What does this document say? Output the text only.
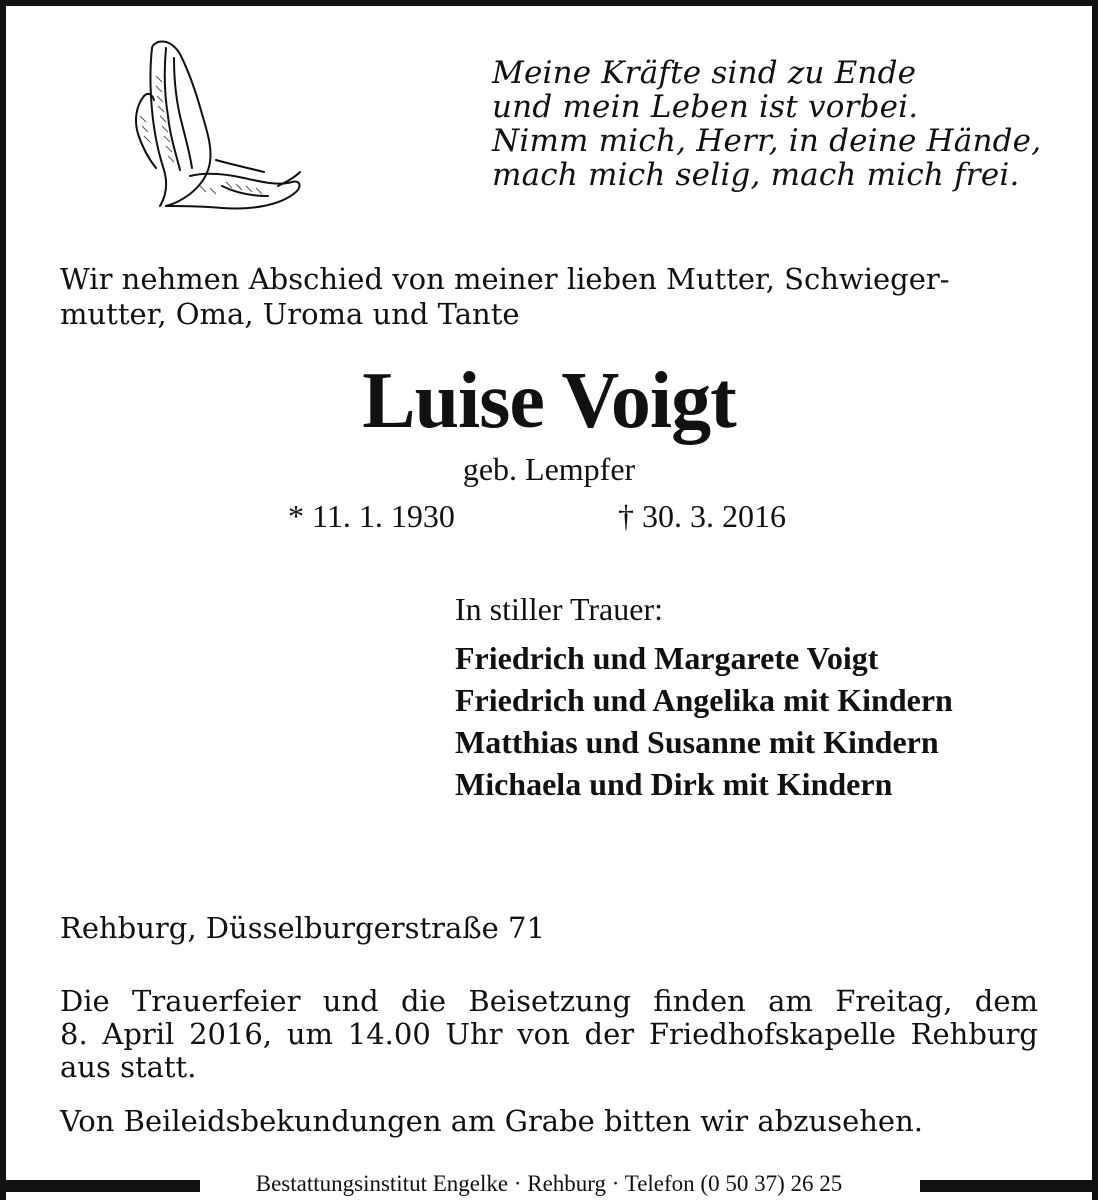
Meine Kräfte sind zu Ende
und mein Leben ist vorbei.
Nimm mich, Herr, in deine Hände,
mach mich selig, mach mich frei.
Wir nehmen Abschied von meiner lieben Mutter, Schwieger-
mutter, Oma, Uroma und Tante
Luise Voigt
geb. Lempfer
* 11. 1. 1930	† 30. 3. 2016
In stiller Trauer:
Friedrich und Margarete Voigt
Friedrich und Angelika mit Kindern
Matthias und Susanne mit Kindern
Michaela und Dirk mit Kindern
Rehburg, Düsselburgerstraße 71
Die Trauerfeier und die Beisetzung finden am Freitag, dem
8. April 2016, um 14.00 Uhr von der Friedhofskapelle Rehburg
aus statt.
Von Beileidsbekundungen am Grabe bitten wir abzusehen.
Bestattungsinstitut Engelke · Rehburg · Telefon (0 50 37) 26 25
